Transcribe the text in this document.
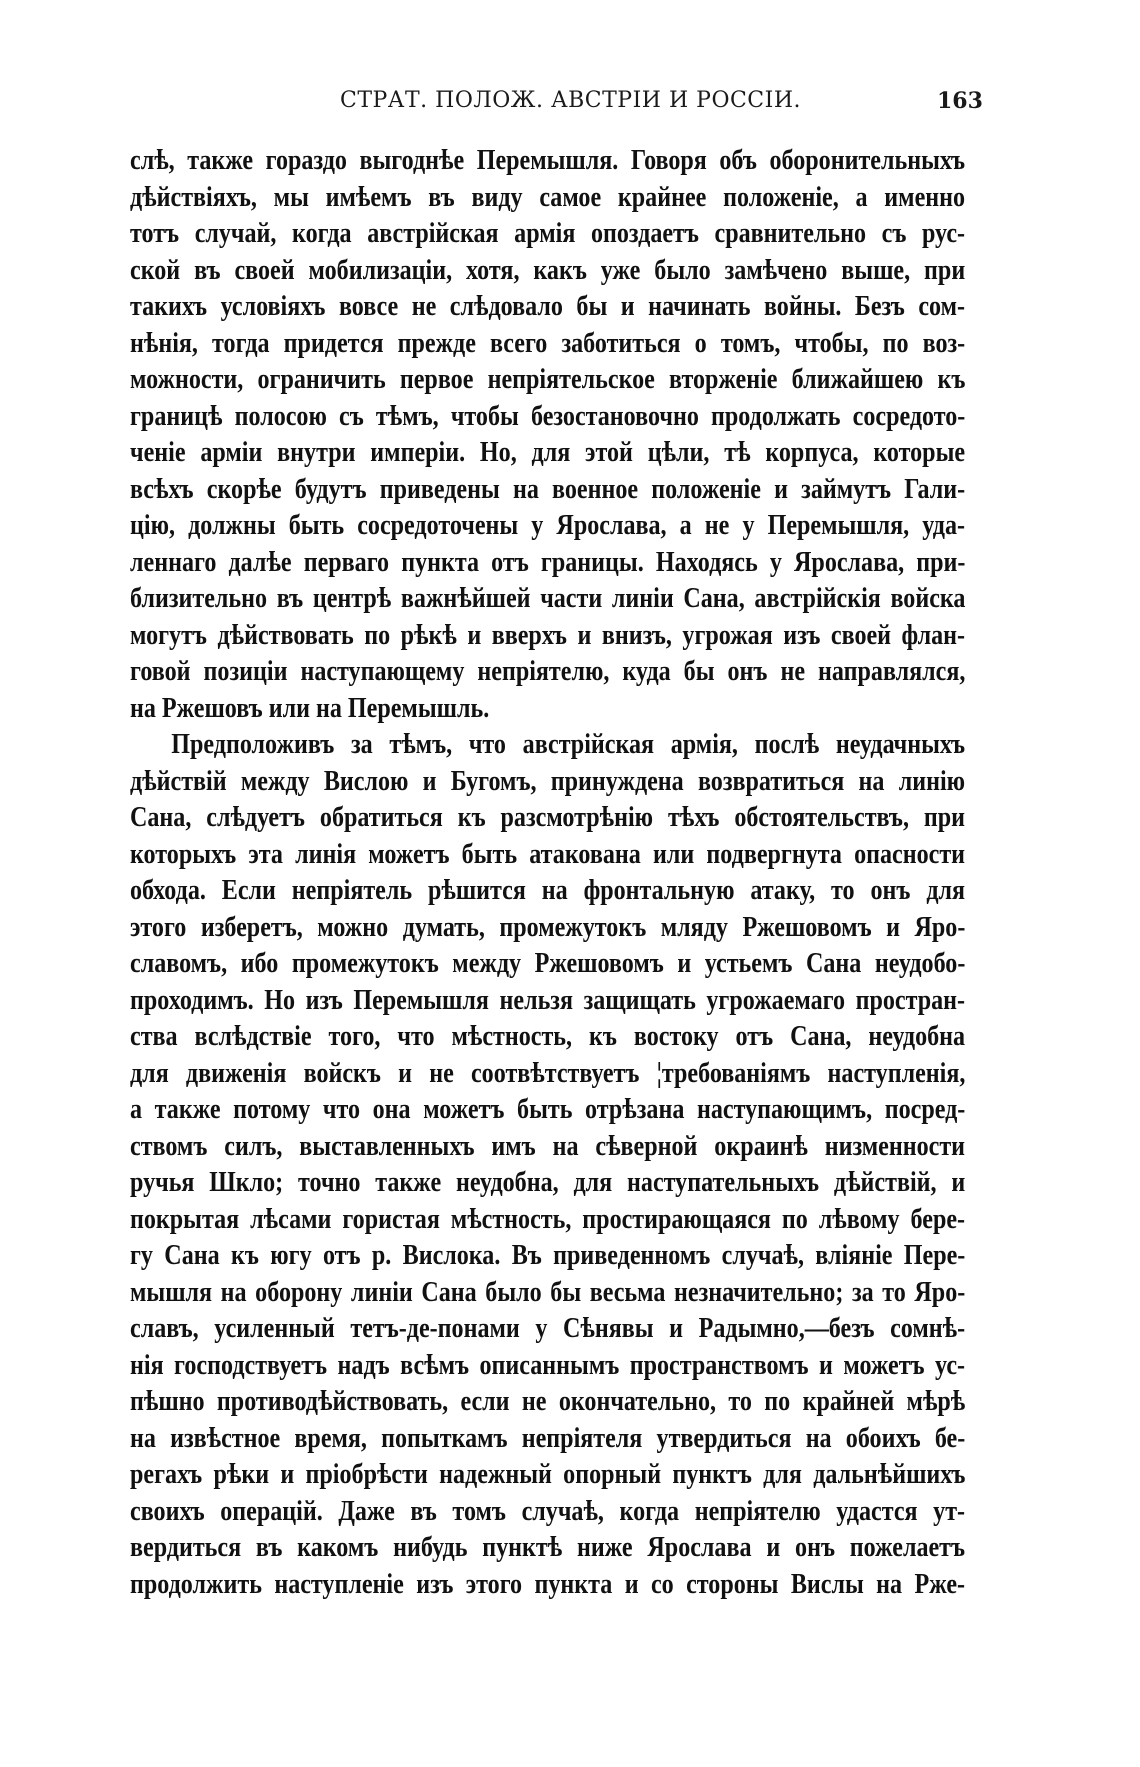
СТРАТ. ПОЛОЖ. АВСТРІИ И РОССІИ.	163
слѣ, также гораздо выгоднѣе Перемышля. Говоря объ оборонительныхъ
дѣйствіяхъ, мы имѣемъ въ виду самое крайнее положеніе, а именно
тотъ случай, когда австрійская армія опоздаетъ сравнительно съ рус-
ской въ своей мобилизаціи, хотя, какъ уже было замѣчено выше, при
такихъ условіяхъ вовсе не слѣдовало бы и начинать войны. Безъ сом-
нѣнія, тогда придется прежде всего заботиться о томъ, чтобы, по воз-
можности, ограничить первое непріятельское вторженіе ближайшею къ
границѣ полосою съ тѣмъ, чтобы безостановочно продолжать сосредото-
ченіе арміи внутри имперіи. Но, для этой цѣли, тѣ корпуса, которые
всѣхъ скорѣе будутъ приведены на военное положеніе и займутъ Гали-
цію, должны быть сосредоточены у Ярослава, а не у Перемышля, уда-
леннаго далѣе перваго пункта отъ границы. Находясь у Ярослава, при-
близительно въ центрѣ важнѣйшей части линіи Сана, австрійскія войска
могутъ дѣйствовать по рѣкѣ и вверхъ и внизъ, угрожая изъ своей флан-
говой позиціи наступающему непріятелю, куда бы онъ не направлялся,
на Ржешовъ или на Перемышль.
Предположивъ за тѣмъ, что австрійская армія, послѣ неудачныхъ
дѣйствій между Вислою и Бугомъ, принуждена возвратиться на линію
Сана, слѣдуетъ обратиться къ разсмотрѣнію тѣхъ обстоятельствъ, при
которыхъ эта линія можетъ быть атакована или подвергнута опасности
обхода. Если непріятель рѣшится на фронтальную атаку, то онъ для
этого изберетъ, можно думать, промежутокъ мляду Ржешовомъ и Яро-
славомъ, ибо промежутокъ между Ржешовомъ и устьемъ Сана неудобо-
проходимъ. Но изъ Перемышля нельзя защищать угрожаемаго простран-
ства вслѣдствіе того, что мѣстность, къ востоку отъ Сана, неудобна
для движенія войскъ и не соотвѣтствуетъ ¦требованіямъ наступленія,
а также потому что она можетъ быть отрѣзана наступающимъ, посред-
ствомъ силъ, выставленныхъ имъ на сѣверной окраинѣ низменности
ручья Шкло; точно также неудобна, для наступательныхъ дѣйствій, и
покрытая лѣсами гористая мѣстность, простирающаяся по лѣвому бере-
гу Сана къ югу отъ р. Вислока. Въ приведенномъ случаѣ, вліяніе Пере-
мышля на оборону линіи Сана было бы весьма незначительно; за то Яро-
славъ, усиленный тетъ-де-понами у Сѣнявы и Радымно,—безъ сомнѣ-
нія господствуетъ надъ всѣмъ описаннымъ пространствомъ и можетъ ус-
пѣшно противодѣйствовать, если не окончательно, то по крайней мѣрѣ
на извѣстное время, попыткамъ непріятеля утвердиться на обоихъ бе-
регахъ рѣки и пріобрѣсти надежный опорный пунктъ для дальнѣйшихъ
своихъ операцій. Даже въ томъ случаѣ, когда непріятелю удастся ут-
вердиться въ какомъ нибудь пунктѣ ниже Ярослава и онъ пожелаетъ
продолжить наступленіе изъ этого пункта и со стороны Вислы на Рже-
